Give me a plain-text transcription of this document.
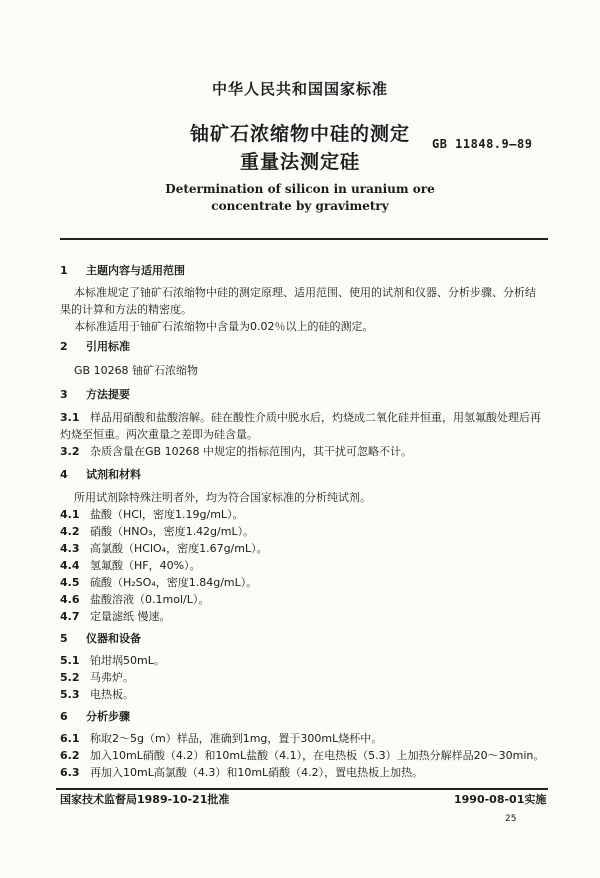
中华人民共和国国家标准
铀矿石浓缩物中硅的测定
重量法测定硅
GB 11848.9—89
Determination of silicon in uranium ore
concentrate by gravimetry
1 主题内容与适用范围
本标准规定了铀矿石浓缩物中硅的测定原理、适用范围、使用的试剂和仪器、分析步骤、分析结
果的计算和方法的精密度。
本标准适用于铀矿石浓缩物中含量为0.02％以上的硅的测定。
2 引用标准
GB 10268 铀矿石浓缩物
3 方法提要
3.1 样品用硝酸和盐酸溶解。硅在酸性介质中脱水后，灼烧成二氧化硅并恒重，用氢氟酸处理后再
灼烧至恒重。两次重量之差即为硅含量。
3.2 杂质含量在GB 10268 中规定的指标范围内，其干扰可忽略不计。
4 试剂和材料
所用试剂除特殊注明者外，均为符合国家标准的分析纯试剂。
4.1 盐酸（HCl，密度1.19g/mL）。
4.2 硝酸（HNO₃，密度1.42g/mL）。
4.3 高氯酸（HClO₄，密度1.67g/mL）。
4.4 氢氟酸（HF，40%）。
4.5 硫酸（H₂SO₄，密度1.84g/mL）。
4.6 盐酸溶液（0.1mol/L）。
4.7 定量滤纸 慢速。
5 仪器和设备
5.1 铂坩埚50mL。
5.2 马弗炉。
5.3 电热板。
6 分析步骤
6.1 称取2～5g（m）样品，准确到1mg，置于300mL烧杯中。
6.2 加入10mL硝酸（4.2）和10mL盐酸（4.1），在电热板（5.3）上加热分解样品20～30min。
6.3 再加入10mL高氯酸（4.3）和10mL硝酸（4.2），置电热板上加热。
国家技术监督局1989-10-21批准	1990-08-01实施
25
